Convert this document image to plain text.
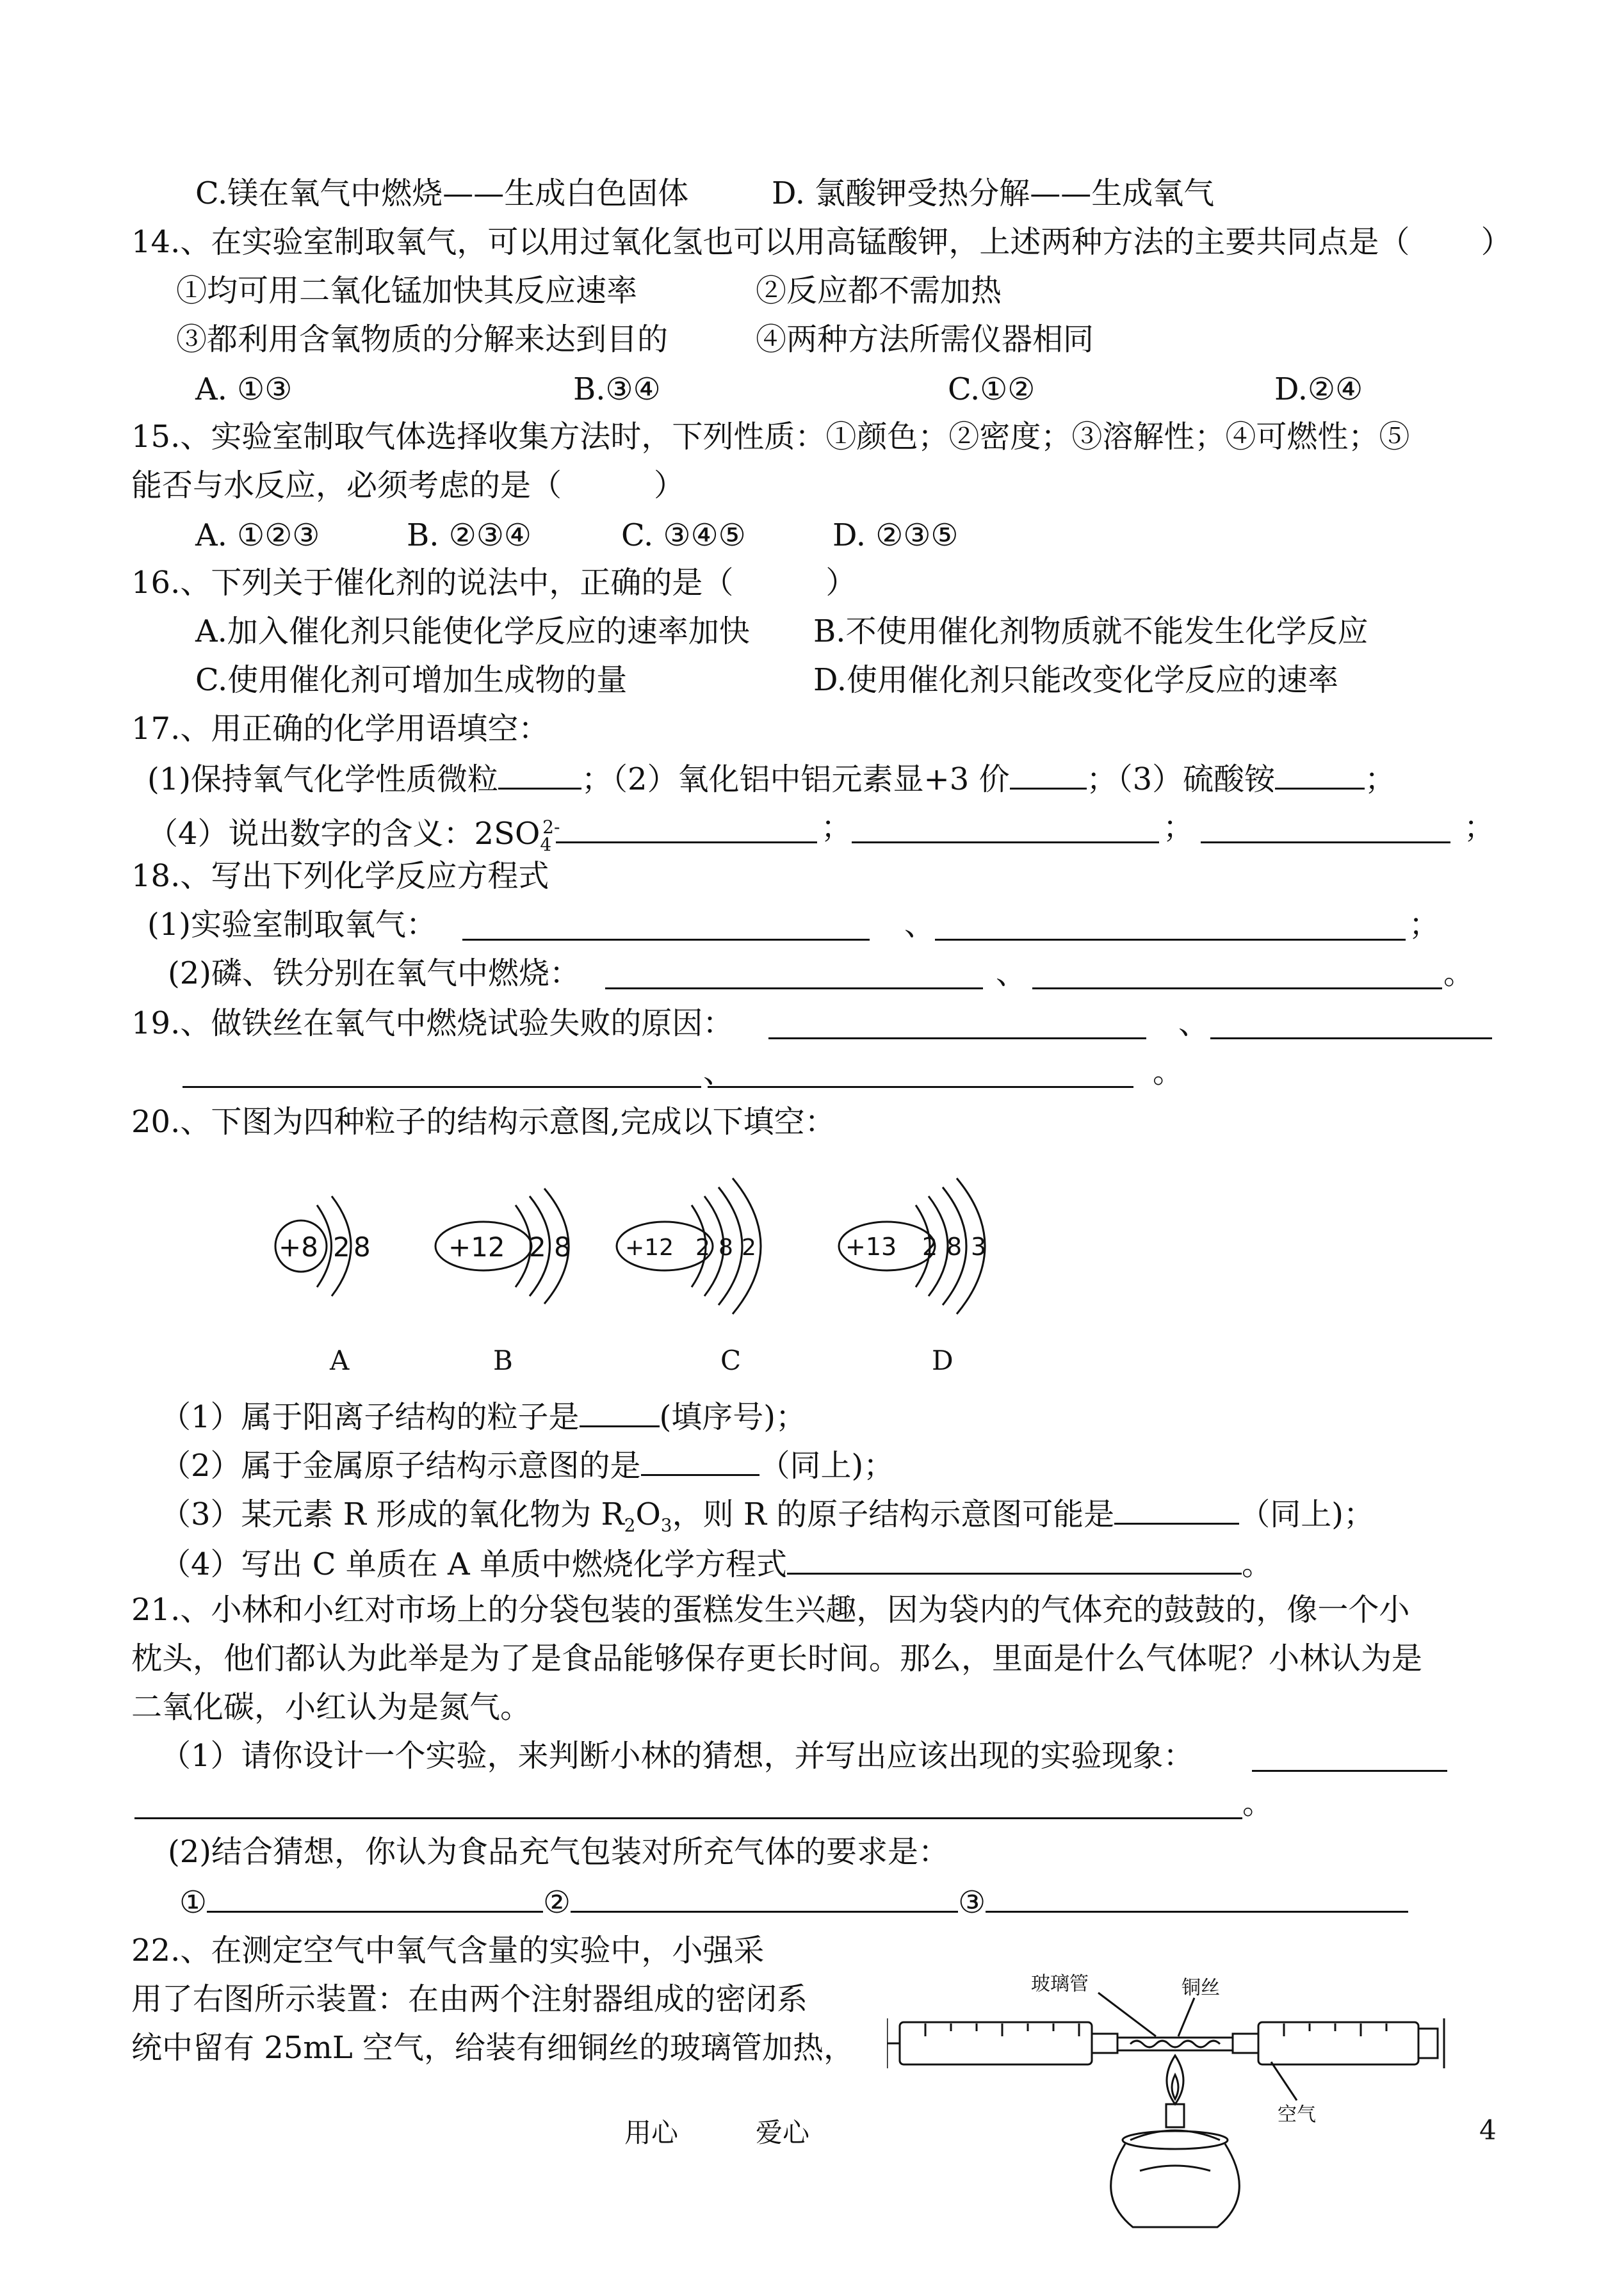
C.镁在氧气中燃烧——生成白色固体	D. 氯酸钾受热分解——生成氧气
14.、在实验室制取氧气，可以用过氧化氢也可以用高锰酸钾，上述两种方法的主要共同点是（　　 ）
①均可用二氧化锰加快其反应速率	②反应都不需加热
③都利用含氧物质的分解来达到目的	④两种方法所需仪器相同
A. ①③	B.③④	C.①②	D.②④
15.、实验室制取气体选择收集方法时，下列性质：①颜色；②密度；③溶解性；④可燃性；⑤
能否与水反应，必须考虑的是（　　　）
A. ①②③	B. ②③④	C. ③④⑤	D. ②③⑤
16.、下列关于催化剂的说法中，正确的是（　　　）
A.加入催化剂只能使化学反应的速率加快 B.不使用催化剂物质就不能发生化学反应
C.使用催化剂可增加生成物的量	D.使用催化剂只能改变化学反应的速率
17.、用正确的化学用语填空：
(1)保持氧气化学性质微粒	；（2）氧化铝中铝元素显+3 价	；（3）硫酸铵	；
（4）说出数字的含义：$2SO_4^{2-}$	；	；	；
18.、写出下列化学反应方程式
(1)实验室制取氧气：	、	；
(2)磷、铁分别在氧气中燃烧：	、	。
19.、做铁丝在氧气中燃烧试验失败的原因：	、
、	。
20.、下图为四种粒子的结构示意图,完成以下填空：
+8 2 8	+12 2 8 +12 2 8 2	+13 2 8 3
A	B	C	D
（1）属于阳离子结构的粒子是	(填序号)；
（2）属于金属原子结构示意图的是	（同上)；
（3）某元素 R 形成的氧化物为 $R_2O_3$，则 R 的原子结构示意图可能是	（同上)；
（4）写出 C 单质在 A 单质中燃烧化学方程式	。
21.、小林和小红对市场上的分袋包装的蛋糕发生兴趣，因为袋内的气体充的鼓鼓的，像一个小
枕头，他们都认为此举是为了是食品能够保存更长时间。那么，里面是什么气体呢？小林认为是
二氧化碳，小红认为是氮气。
（1）请你设计一个实验，来判断小林的猜想，并写出应该出现的实验现象：
。
(2)结合猜想，你认为食品充气包装对所充气体的要求是：
①	②	③
22.、在测定空气中氧气含量的实验中，小强采
用了右图所示装置：在由两个注射器组成的密闭系
统中留有 25mL 空气，给装有细铜丝的玻璃管加热，
玻璃管	铜丝
空气
用心	爱心	4
